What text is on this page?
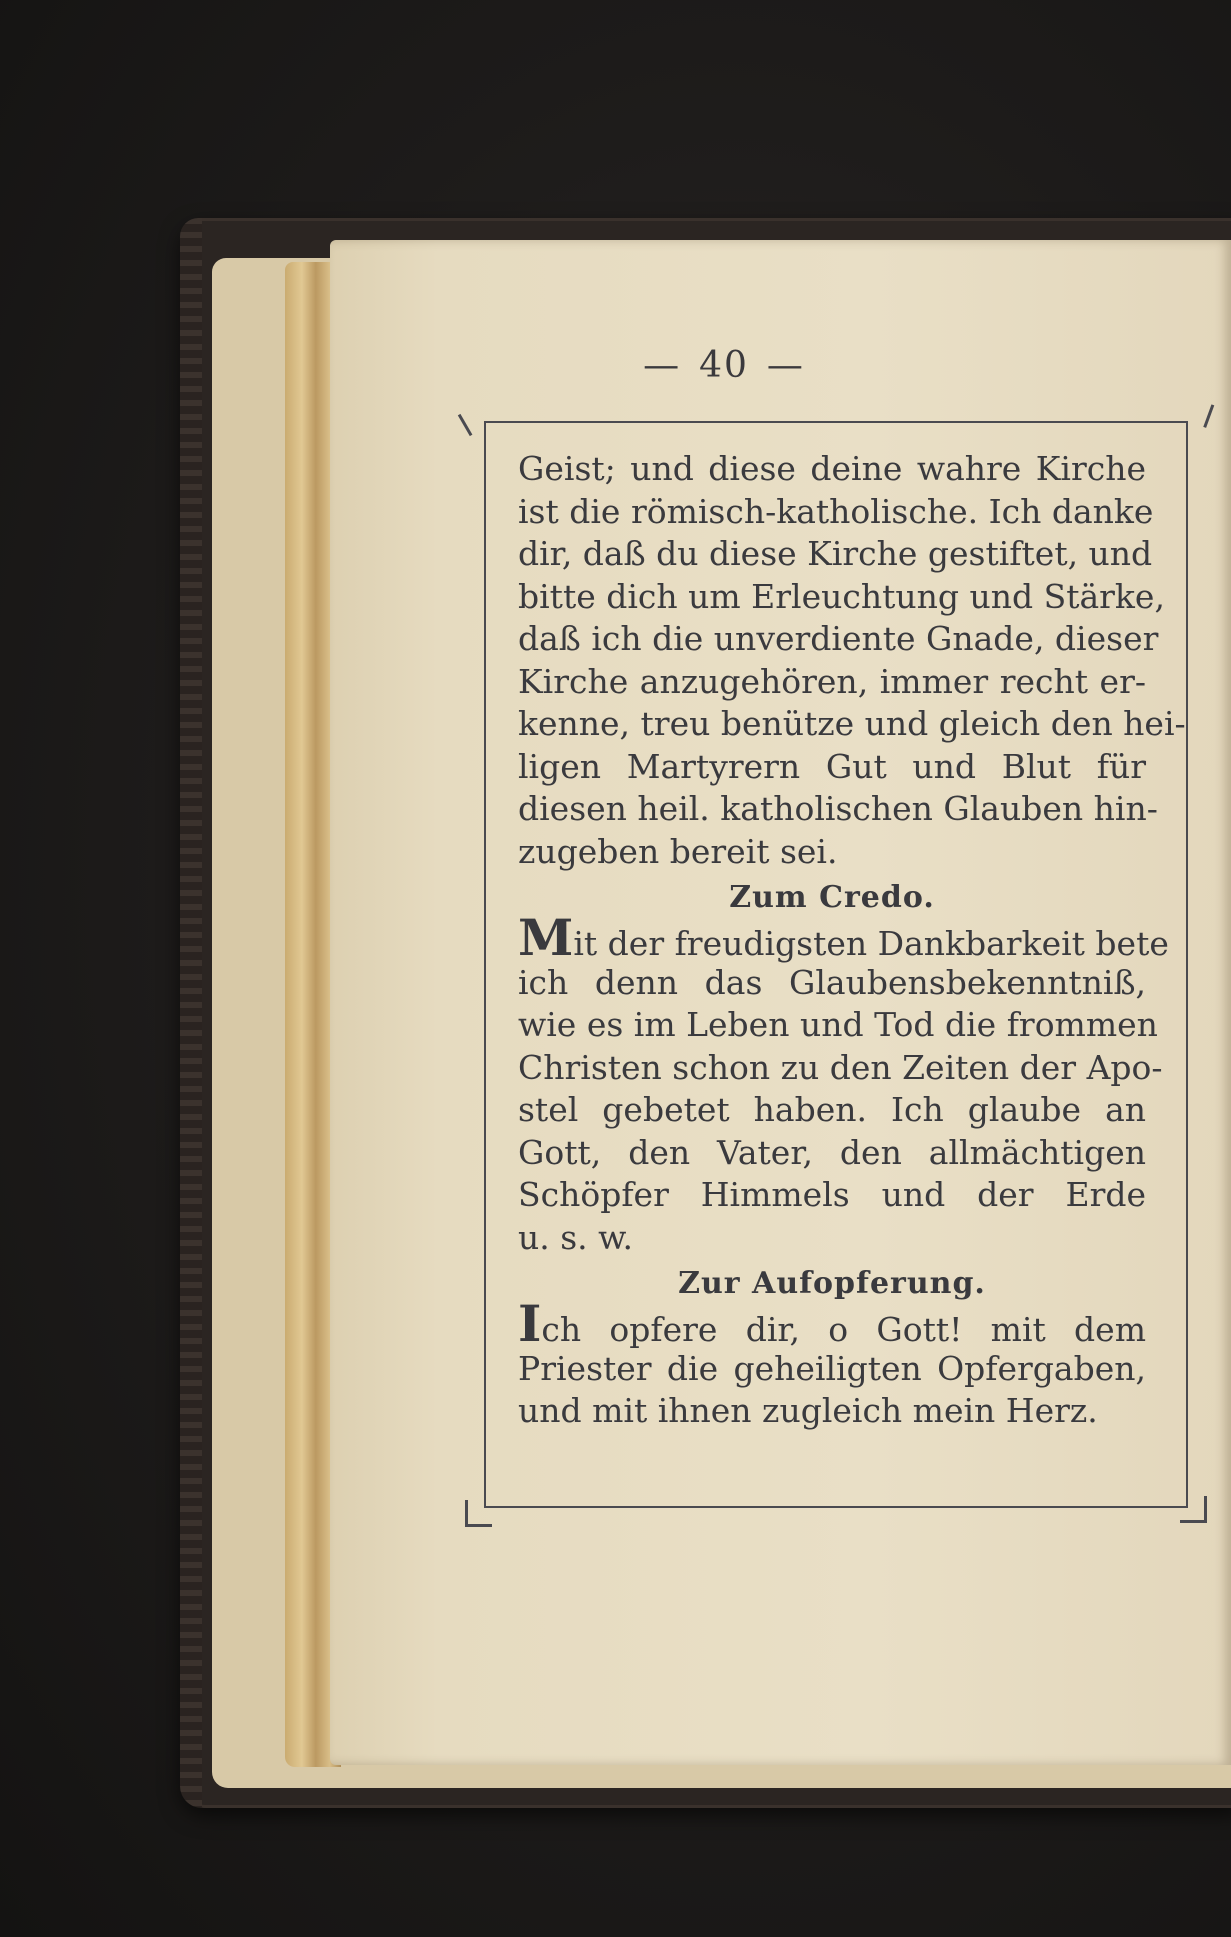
— 40 —
Geist; und diese deine wahre Kirche
ist die römisch-katholische. Ich danke
dir, daß du diese Kirche gestiftet, und
bitte dich um Erleuchtung und Stärke,
daß ich die unverdiente Gnade, dieser
Kirche anzugehören, immer recht er-
kenne, treu benütze und gleich den hei-
ligen Martyrern Gut und Blut für
diesen heil. katholischen Glauben hin-
zugeben bereit sei.
Zum Credo.
Mit der freudigsten Dankbarkeit bete
ich denn das Glaubensbekenntniß,
wie es im Leben und Tod die frommen
Christen schon zu den Zeiten der Apo-
stel gebetet haben. Ich glaube an
Gott, den Vater, den allmächtigen
Schöpfer Himmels und der Erde
u. s. w.
Zur Aufopferung.
Ich opfere dir, o Gott! mit dem
Priester die geheiligten Opfergaben,
und mit ihnen zugleich mein Herz.
